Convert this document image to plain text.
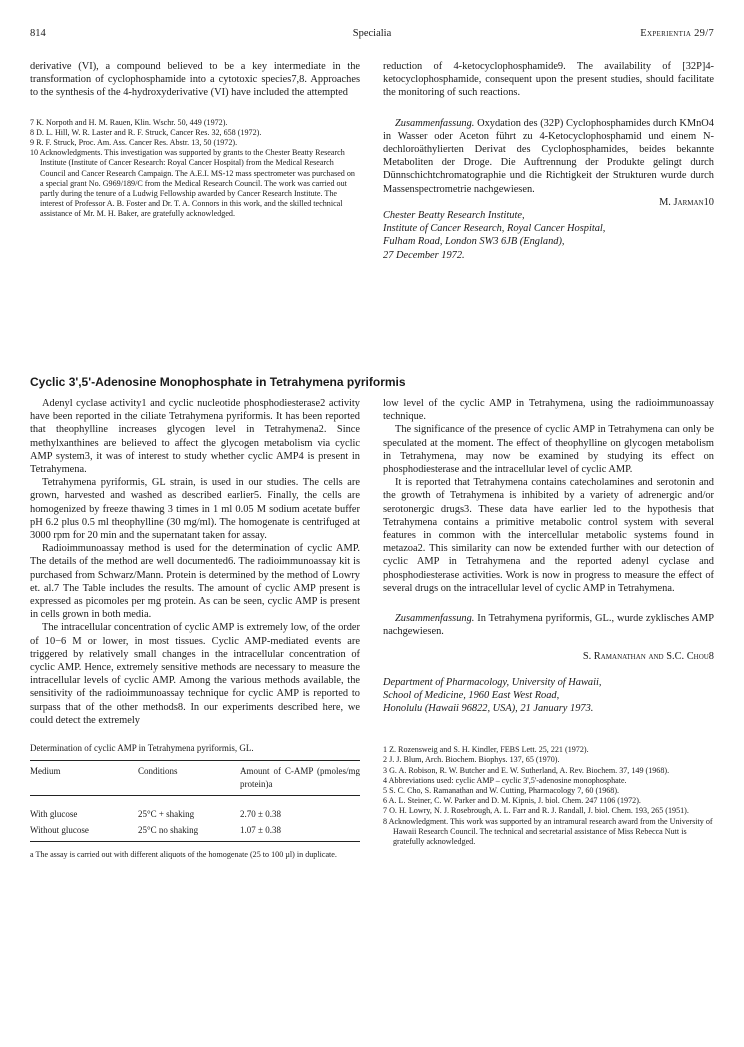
814	Specialia	Experientia 29/7

derivative (VI), a compound believed to be a key intermediate in the transformation of cyclophosphamide into a cytotoxic species7,8. Approaches to the synthesis of the 4-hydroxyderivative (VI) have included the attempted

7 K. Norpoth and H. M. Rauen, Klin. Wschr. 50, 449 (1972).
8 D. L. Hill, W. R. Laster and R. F. Struck, Cancer Res. 32, 658 (1972).
9 R. F. Struck, Proc. Am. Ass. Cancer Res. Abstr. 13, 50 (1972).
10 Acknowledgments. This investigation was supported by grants to the Chester Beatty Research Institute (Institute of Cancer Research: Royal Cancer Hospital) from the Medical Research Council and Cancer Research Campaign. The A.E.I. MS-12 mass spectrometer was purchased on a special grant No. G969/189/C from the Medical Research Council. The work was carried out partly during the tenure of a Ludwig Fellowship awarded by Cancer Research Institute. The interest of Professor A. B. Foster and Dr. T. A. Connors in this work, and the skilled technical assistance of Mr. M. H. Baker, are gratefully acknowledged.

reduction of 4-ketocyclophosphamide9. The availability of [32P]4-ketocyclophosphamide, consequent upon the present studies, should facilitate the monitoring of such reactions.

Zusammenfassung. Oxydation des (32P) Cyclophosphamides durch KMnO4 in Wasser oder Aceton führt zu 4-Ketocyclophosphamid und einem N-dechloroäthylierten Derivat des Cyclophosphamides, beides bekannte Metaboliten der Droge. Die Auftrennung der Produkte gelingt durch Dünnschichtchromatographie und die Richtigkeit der Strukturen wurde durch Massenspectrometrie nachgewiesen.

M. Jarman10
Chester Beatty Research Institute,
Institute of Cancer Research, Royal Cancer Hospital,
Fulham Road, London SW3 6JB (England),
27 December 1972.
Cyclic 3',5'-Adenosine Monophosphate in Tetrahymena pyriformis

Adenyl cyclase activity1 and cyclic nucleotide phosphodiesterase2 activity have been reported in the ciliate Tetrahymena pyriformis. It has been reported that theophylline increases glycogen level in Tetrahymena2. Since methylxanthines are believed to affect the glycogen metabolism via cyclic AMP system3, it was of interest to study whether cyclic AMP4 is present in Tetrahymena.

Tetrahymena pyriformis, GL strain, is used in our studies. The cells are grown, harvested and washed as described earlier5. Finally, the cells are homogenized by freeze thawing 3 times in 1 ml 0.05 M sodium acetate buffer pH 6.2 plus 0.5 ml theophylline (30 mg/ml). The homogenate is centrifuged at 3000 rpm for 20 min and the supernatant taken for assay.

Radioimmunoassay method is used for the determination of cyclic AMP. The details of the method are well documented6. The radioimmunoassay kit is purchased from Schwarz/Mann. Protein is determined by the method of Lowry et. al.7 The Table includes the results. The amount of cyclic AMP present is expressed as picomoles per mg protein. As can be seen, cyclic AMP is present in cells grown in both media.

The intracellular concentration of cyclic AMP is extremely low, of the order of 10−6 M or lower, in most tissues. Cyclic AMP-mediated events are triggered by relatively small changes in the intracellular concentration of cyclic AMP. Hence, extremely sensitive methods are necessary to measure the intracellular levels of cyclic AMP. Among the various methods available, the sensitivity of the radioimmunoassay technique for cyclic AMP is reported to surpass that of the other methods8. In our experiments described here, we could detect the extremely

Determination of cyclic AMP in Tetrahymena pyriformis, GL.
Medium	Conditions	Amount of C-AMP (pmoles/mg protein)a
With glucose	25°C + shaking	2.70 ± 0.38
Without glucose	25°C no shaking	1.07 ± 0.38
a The assay is carried out with different aliquots of the homogenate (25 to 100 µl) in duplicate.

low level of the cyclic AMP in Tetrahymena, using the radioimmunoassay technique.

The significance of the presence of cyclic AMP in Tetrahymena can only be speculated at the moment. The effect of theophylline on glycogen metabolism in Tetrahymena, may now be examined by studying its effect on phosphodiesterase and the intracellular level of cyclic AMP.

It is reported that Tetrahymena contains catecholamines and serotonin and the growth of Tetrahymena is inhibited by a variety of adrenergic and/or serotonergic drugs3. These data have earlier led to the hypothesis that Tetrahymena contains a primitive metabolic control system with several features in common with the intercellular metabolic systems found in metazoa2. This similarity can now be extended further with our detection of cyclic AMP in Tetrahymena and the reported adenyl cyclase and phosphodiesterase activities. Work is now in progress to measure the effect of several drugs on the intracellular level of cyclic AMP in Tetrahymena.

Zusammenfassung. In Tetrahymena pyriformis, GL., wurde zyklisches AMP nachgewiesen.

S. Ramanathan and S.C. Chou8
Department of Pharmacology, University of Hawaii,
School of Medicine, 1960 East West Road,
Honolulu (Hawaii 96822, USA), 21 January 1973.
1 Z. Rozensweig and S. H. Kindler, FEBS Lett. 25, 221 (1972).
2 J. J. Blum, Arch. Biochem. Biophys. 137, 65 (1970).
3 G. A. Robison, R. W. Butcher and E. W. Sutherland, A. Rev. Biochem. 37, 149 (1968).
4 Abbreviations used: cyclic AMP – cyclic 3',5'-adenosine monophosphate.
5 S. C. Cho, S. Ramanathan and W. Cutting, Pharmacology 7, 60 (1968).
6 A. L. Steiner, C. W. Parker and D. M. Kipnis, J. biol. Chem. 247 1106 (1972).
7 O. H. Lowry, N. J. Rosebrough, A. L. Farr and R. J. Randall, J. biol. Chem. 193, 265 (1951).
8 Acknowledgment. This work was supported by an intramural research award from the University of Hawaii Research Council. The technical and secretarial assistance of Miss Rebecca Nutt is gratefully acknowledged.
